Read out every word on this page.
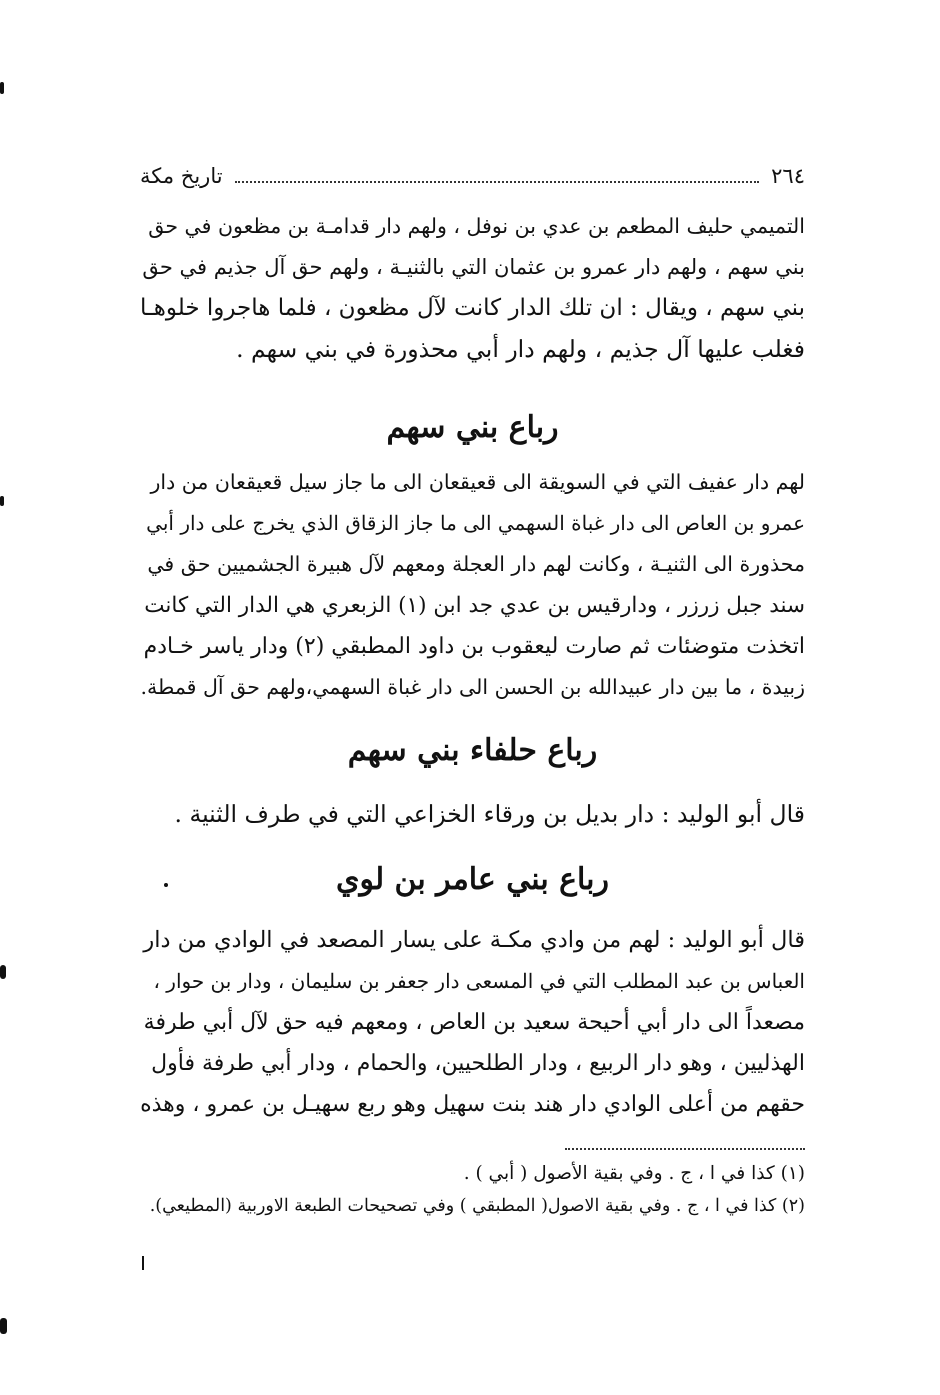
٢٦٤
تاريخ مكة
التميمي حليف المطعم بن عدي بن نوفل ، ولهم دار قدامـة بن مظعون في حق
بني سهم ، ولهم دار عمرو بن عثمان التي بالثنيـة ، ولهم حق آل جذيم في حق
بني سهم ، ويقال : ان تلك الدار كانت لآل مظعون ، فلما هاجروا خلوهـا
فغلب عليها آل جذيم ، ولهم دار أبي محذورة في بني سهم .
رباع بني سهم
لهم دار عفيف التي في السويقة الى قعيقعان الى ما جاز سيل قعيقعان من دار
عمرو بن العاص الى دار غباة السهمي الى ما جاز الزقاق الذي يخرج على دار أبي
محذورة الى الثنيـة ، وكانت لهم دار العجلة ومعهم لآل هبيرة الجشميين حق في
سند جبل زرزر ، ودارقيس بن عدي جد ابن (١) الزبعري هي الدار التي كانت
اتخذت متوضئات ثم صارت ليعقوب بن داود المطبقي (٢) ودار ياسر خـادم
زبيدة ، ما بين دار عبيدالله بن الحسن الى دار غباة السهمي،ولهم حق آل قمطة.
رباع حلفاء بني سهم
قال أبو الوليد : دار بديل بن ورقاء الخزاعي التي في طرف الثنية .
رباع بني عامر بن لوي
قال أبو الوليد : لهم من وادي مكـة على يسار المصعد في الوادي من دار
العباس بن عبد المطلب التي في المسعى دار جعفر بن سليمان ، ودار بن حوار ،
مصعداً الى دار أبي أحيحة سعيد بن العاص ، ومعهم فيه حق لآل أبي طرفة
الهذليين ، وهو دار الربيع ، ودار الطلحيين، والحمام ، ودار أبي طرفة فأول
حقهم من أعلى الوادي دار هند بنت سهيل وهو ربع سهيـل بن عمرو ، وهذه
(١) كذا في ا ، ج . وفي بقية الأصول ( أبي ) .
(٢) كذا في ا ، ج . وفي بقية الاصول( المطبقي ) وفي تصحيحات الطبعة الاوربية (المطيعي).
